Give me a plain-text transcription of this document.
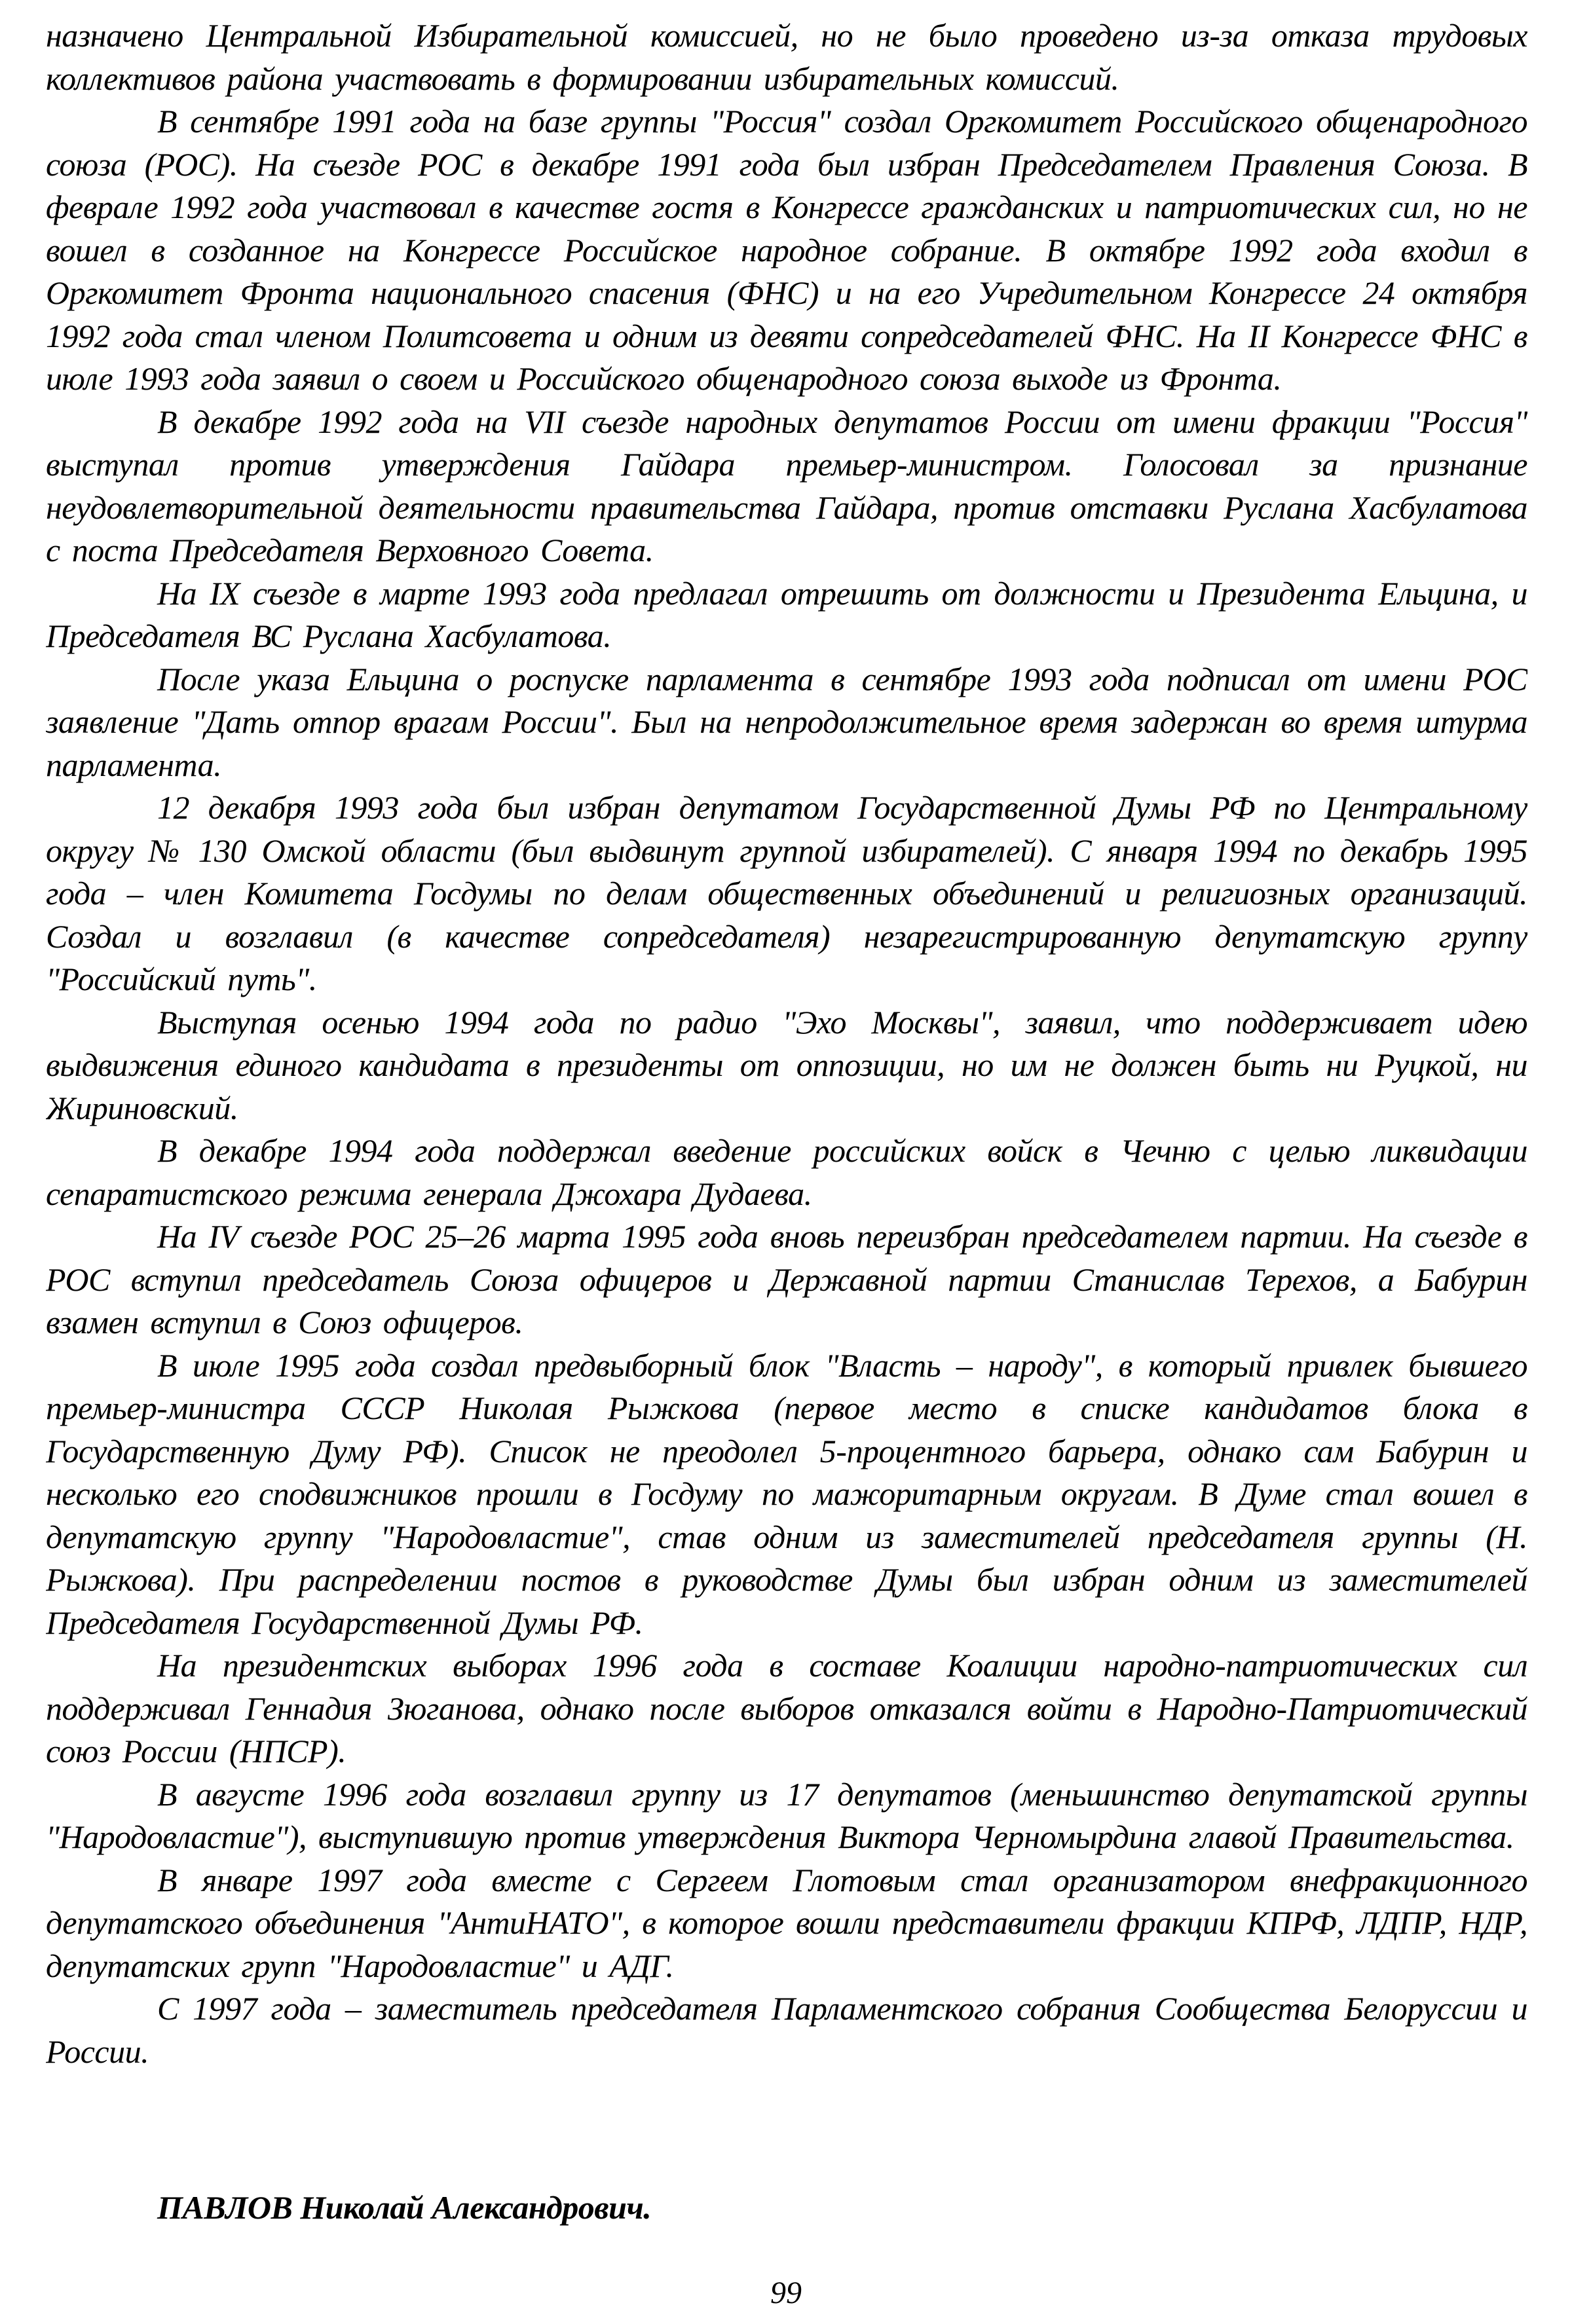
назначено Центральной Избирательной комиссией, но не было проведено из-за отказа трудовых коллективов района участвовать в формировании избирательных комиссий.

В сентябре 1991 года на базе группы "Россия" создал Оргкомитет Российского общенародного союза (РОС). На съезде РОС в декабре 1991 года был избран Председателем Правления Союза. В феврале 1992 года участвовал в качестве гостя в Конгрессе гражданских и патриотических сил, но не вошел в созданное на Конгрессе Российское народное собрание. В октябре 1992 года входил в Оргкомитет Фронта национального спасения (ФНС) и на его Учредительном Конгрессе 24 октября 1992 года стал членом Политсовета и одним из девяти сопредседателей ФНС. На II Конгрессе ФНС в июле 1993 года заявил о своем и Российского общенародного союза выходе из Фронта.

В декабре 1992 года на VII съезде народных депутатов России от имени фракции "Россия" выступал против утверждения Гайдара премьер-министром. Голосовал за признание неудовлетворительной деятельности правительства Гайдара, против отставки Руслана Хасбулатова с поста Председателя Верховного Совета.

На IX съезде в марте 1993 года предлагал отрешить от должности и Президента Ельцина, и Председателя ВС Руслана Хасбулатова.

После указа Ельцина о роспуске парламента в сентябре 1993 года подписал от имени РОС заявление "Дать отпор врагам России". Был на непродолжительное время задержан во время штурма парламента.

12 декабря 1993 года был избран депутатом Государственной Думы РФ по Центральному округу № 130 Омской области (был выдвинут группой избирателей). С января 1994 по декабрь 1995 года – член Комитета Госдумы по делам общественных объединений и религиозных организаций. Создал и возглавил (в качестве сопредседателя) незарегистрированную депутатскую группу "Российский путь".

Выступая осенью 1994 года по радио "Эхо Москвы", заявил, что поддерживает идею выдвижения единого кандидата в президенты от оппозиции, но им не должен быть ни Руцкой, ни Жириновский.

В декабре 1994 года поддержал введение российских войск в Чечню с целью ликвидации сепаратистского режима генерала Джохара Дудаева.

На IV съезде РОС 25–26 марта 1995 года вновь переизбран председателем партии. На съезде в РОС вступил председатель Союза офицеров и Державной партии Станислав Терехов, а Бабурин взамен вступил в Союз офицеров.

В июле 1995 года создал предвыборный блок "Власть – народу", в который привлек бывшего премьер-министра СССР Николая Рыжкова (первое место в списке кандидатов блока в Государственную Думу РФ). Список не преодолел 5-процентного барьера, однако сам Бабурин и несколько его сподвижников прошли в Госдуму по мажоритарным округам. В Думе стал вошел в депутатскую группу "Народовластие", став одним из заместителей председателя группы (Н. Рыжкова). При распределении постов в руководстве Думы был избран одним из заместителей Председателя Государственной Думы РФ.

На президентских выборах 1996 года в составе Коалиции народно-патриотических сил поддерживал Геннадия Зюганова, однако после выборов отказался войти в Народно-Патриотический союз России (НПСР).

В августе 1996 года возглавил группу из 17 депутатов (меньшинство депутатской группы "Народовластие"), выступившую против утверждения Виктора Черномырдина главой Правительства.

В январе 1997 года вместе с Сергеем Глотовым стал организатором внефракционного депутатского объединения "АнтиНАТО", в которое вошли представители фракции КПРФ, ЛДПР, НДР, депутатских групп "Народовластие" и АДГ.

С 1997 года – заместитель председателя Парламентского собрания Сообщества Белоруссии и России.

ПАВЛОВ Николай Александрович.

99
